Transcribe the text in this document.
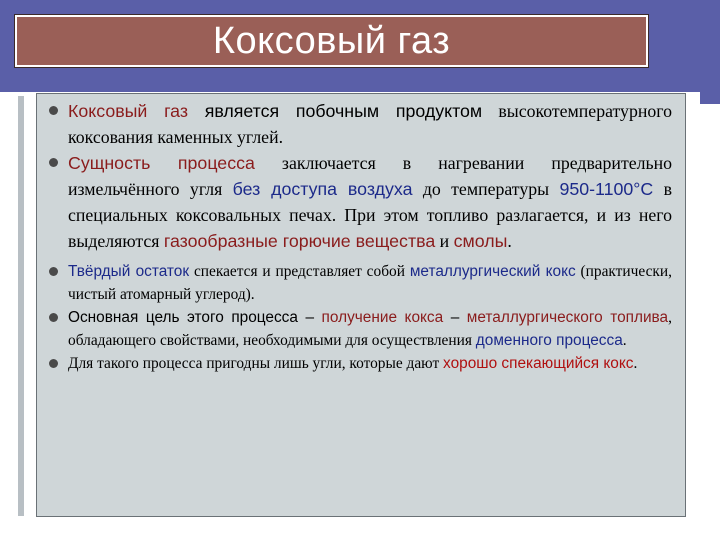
Коксовый газ
Коксовый газ является побочным продуктом высокотемпературного коксования каменных углей.
Сущность процесса заключается в нагревании предварительно измельчённого угля без доступа воздуха до температуры 950-1100°С в специальных коксовальных печах. При этом топливо разлагается, и из него выделяются газообразные горючие вещества и смолы.
Твёрдый остаток спекается и представляет собой металлургический кокс (практически, чистый атомарный углерод).
Основная цель этого процесса – получение кокса – металлургического топлива, обладающего свойствами, необходимыми для осуществления доменного процесса.
Для такого процесса пригодны лишь угли, которые дают хорошо спекающийся кокс.
